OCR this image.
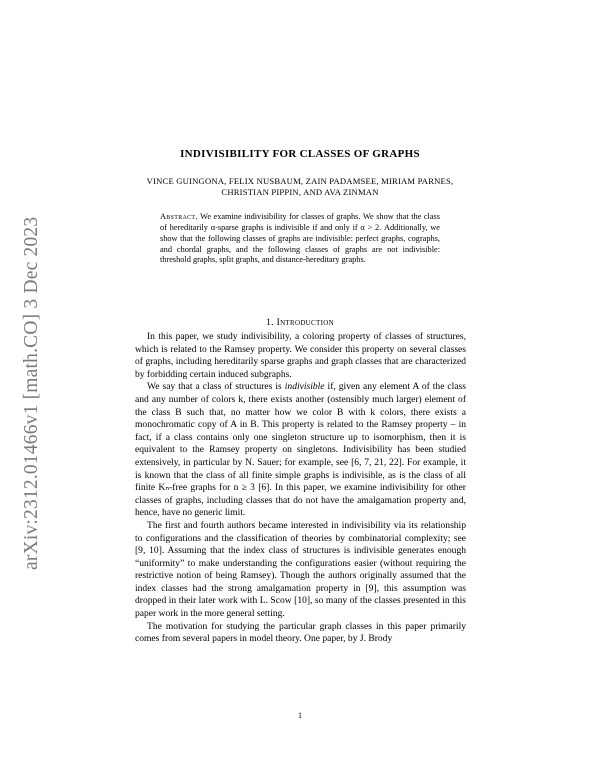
arXiv:2312.01466v1 [math.CO] 3 Dec 2023
INDIVISIBILITY FOR CLASSES OF GRAPHS
VINCE GUINGONA, FELIX NUSBAUM, ZAIN PADAMSEE, MIRIAM PARNES,
CHRISTIAN PIPPIN, AND AVA ZINMAN
Abstract. We examine indivisibility for classes of graphs. We show that the class of hereditarily α-sparse graphs is indivisible if and only if α > 2. Additionally, we show that the following classes of graphs are indivisible: perfect graphs, cographs, and chordal graphs, and the following classes of graphs are not indivisible: threshold graphs, split graphs, and distance-hereditary graphs.
1. Introduction

In this paper, we study indivisibility, a coloring property of classes of structures, which is related to the Ramsey property. We consider this property on several classes of graphs, including hereditarily sparse graphs and graph classes that are characterized by forbidding certain induced subgraphs.

We say that a class of structures is indivisible if, given any element A of the class and any number of colors k, there exists another (ostensibly much larger) element of the class B such that, no matter how we color B with k colors, there exists a monochromatic copy of A in B. This property is related to the Ramsey property – in fact, if a class contains only one singleton structure up to isomorphism, then it is equivalent to the Ramsey property on singletons. Indivisibility has been studied extensively, in particular by N. Sauer; for example, see [6, 7, 21, 22]. For example, it is known that the class of all finite simple graphs is indivisible, as is the class of all finite Kₙ-free graphs for n ≥ 3 [6]. In this paper, we examine indivisibility for other classes of graphs, including classes that do not have the amalgamation property and, hence, have no generic limit.

The first and fourth authors became interested in indivisibility via its relationship to configurations and the classification of theories by combinatorial complexity; see [9, 10]. Assuming that the index class of structures is indivisible generates enough “uniformity” to make understanding the configurations easier (without requiring the restrictive notion of being Ramsey). Though the authors originally assumed that the index classes had the strong amalgamation property in [9], this assumption was dropped in their later work with L. Scow [10], so many of the classes presented in this paper work in the more general setting.

The motivation for studying the particular graph classes in this paper primarily comes from several papers in model theory. One paper, by J. Brody

1
